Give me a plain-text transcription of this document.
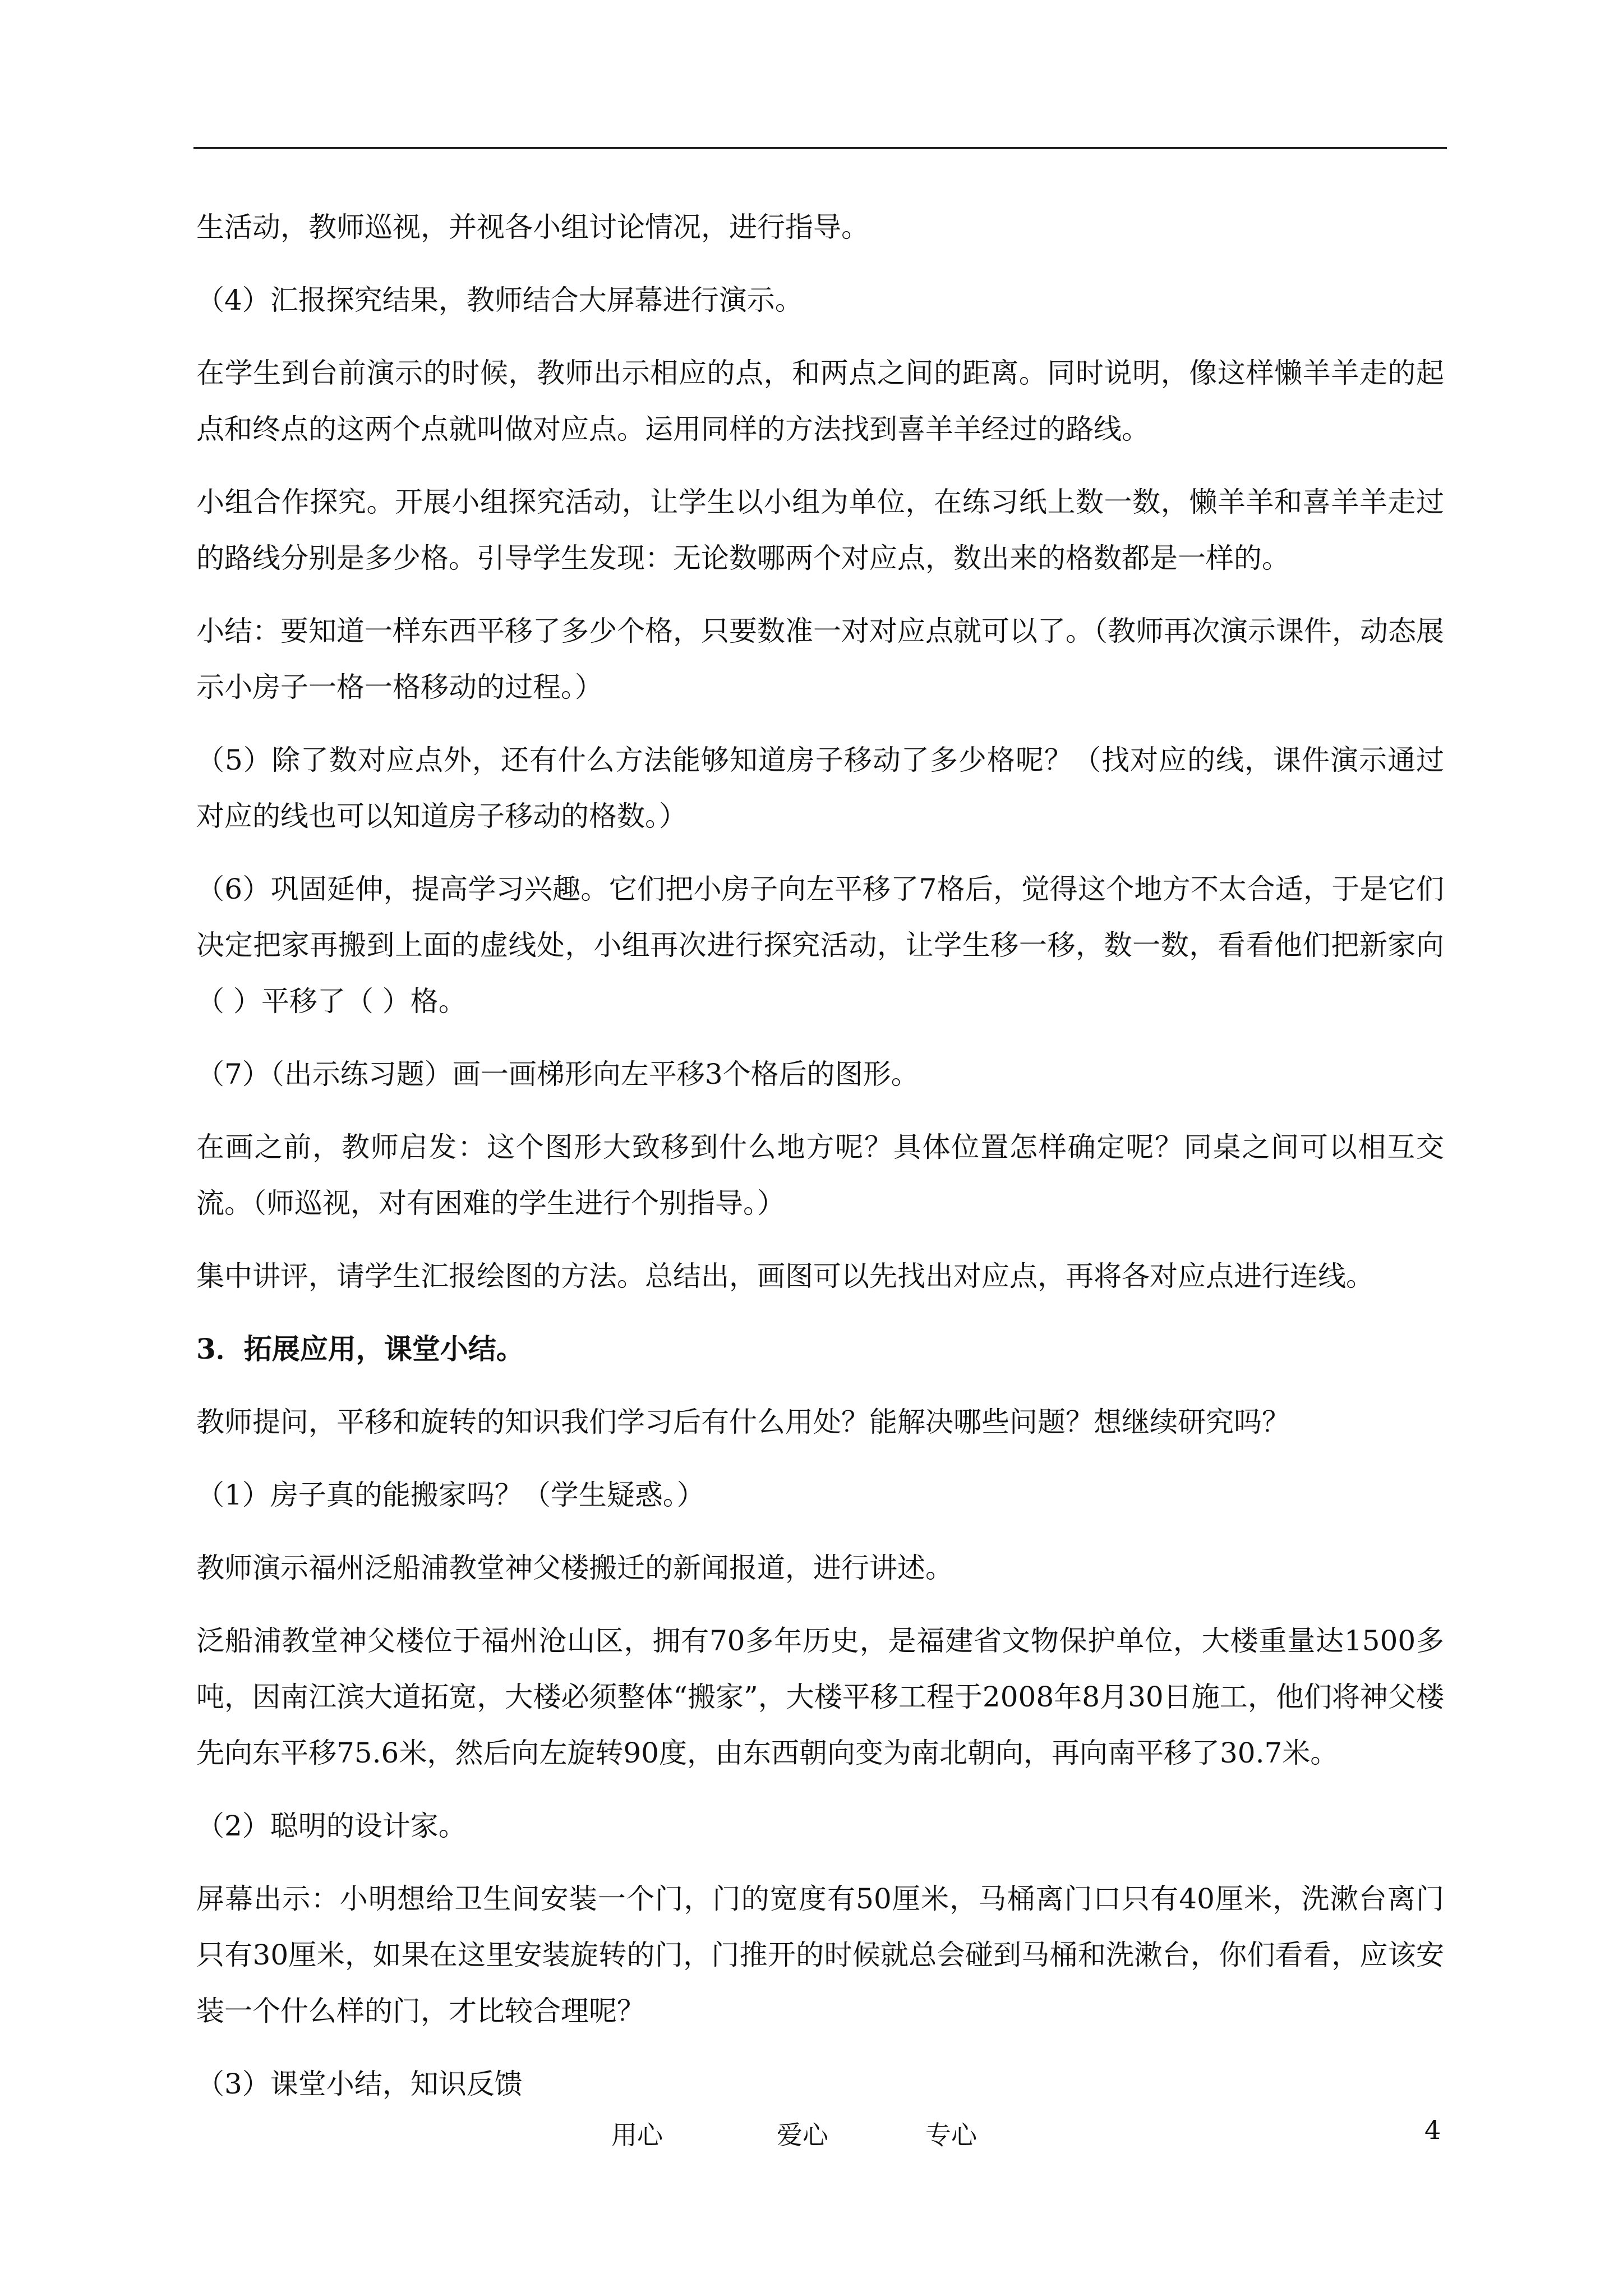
生活动，教师巡视，并视各小组讨论情况，进行指导。

（4）汇报探究结果，教师结合大屏幕进行演示。

在学生到台前演示的时候，教师出示相应的点，和两点之间的距离。同时说明，像这样懒羊羊走的起点和终点的这两个点就叫做对应点。运用同样的方法找到喜羊羊经过的路线。

小组合作探究。开展小组探究活动，让学生以小组为单位，在练习纸上数一数，懒羊羊和喜羊羊走过的路线分别是多少格。引导学生发现：无论数哪两个对应点，数出来的格数都是一样的。

小结：要知道一样东西平移了多少个格，只要数准一对对应点就可以了。（教师再次演示课件，动态展示小房子一格一格移动的过程。）

（5）除了数对应点外，还有什么方法能够知道房子移动了多少格呢？（找对应的线，课件演示通过对应的线也可以知道房子移动的格数。）

（6）巩固延伸，提高学习兴趣。它们把小房子向左平移了7格后，觉得这个地方不太合适，于是它们决定把家再搬到上面的虚线处，小组再次进行探究活动，让学生移一移，数一数，看看他们把新家向（ ）平移了（ ）格。

（7）（出示练习题）画一画梯形向左平移3个格后的图形。

在画之前，教师启发：这个图形大致移到什么地方呢？具体位置怎样确定呢？同桌之间可以相互交流。（师巡视，对有困难的学生进行个别指导。）

集中讲评，请学生汇报绘图的方法。总结出，画图可以先找出对应点，再将各对应点进行连线。

3．拓展应用，课堂小结。

教师提问，平移和旋转的知识我们学习后有什么用处？能解决哪些问题？想继续研究吗？

（1）房子真的能搬家吗？（学生疑惑。）

教师演示福州泛船浦教堂神父楼搬迁的新闻报道，进行讲述。

泛船浦教堂神父楼位于福州沧山区，拥有70多年历史，是福建省文物保护单位，大楼重量达1500多吨，因南江滨大道拓宽，大楼必须整体“搬家”，大楼平移工程于2008年8月30日施工，他们将神父楼先向东平移75.6米，然后向左旋转90度，由东西朝向变为南北朝向，再向南平移了30.7米。

（2）聪明的设计家。

屏幕出示：小明想给卫生间安装一个门，门的宽度有50厘米，马桶离门口只有40厘米，洗漱台离门只有30厘米，如果在这里安装旋转的门，门推开的时候就总会碰到马桶和洗漱台，你们看看，应该安装一个什么样的门，才比较合理呢？

（3）课堂小结，知识反馈

用心	爱心	专心	4
